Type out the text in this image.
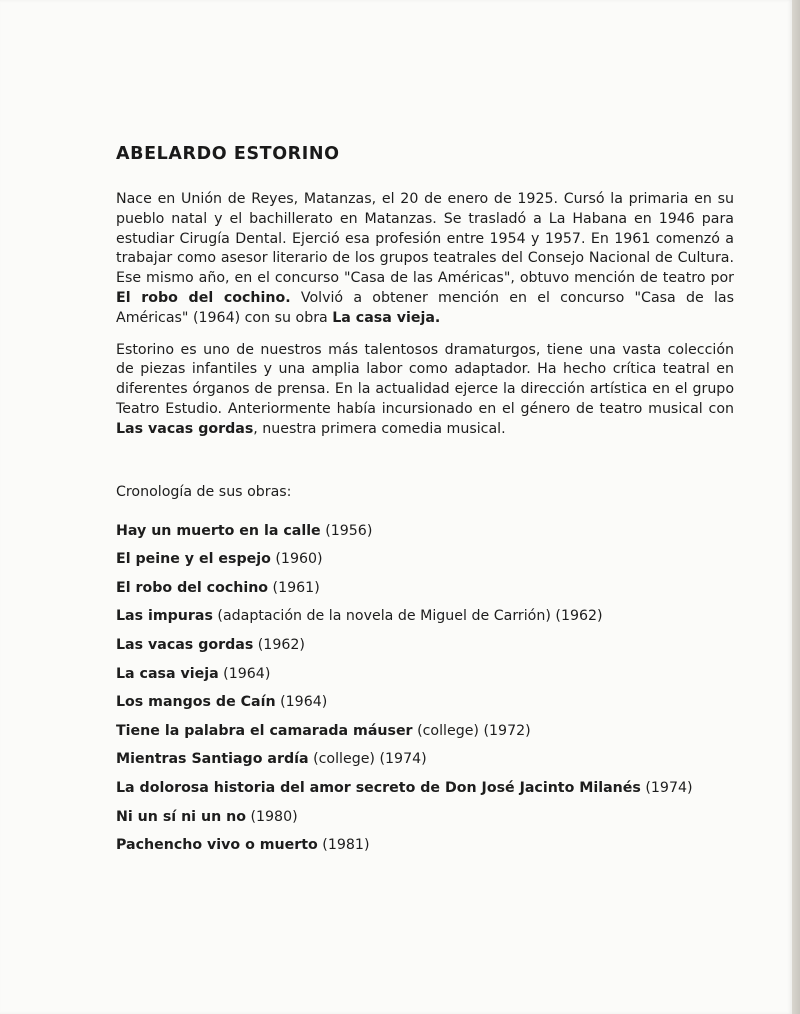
ABELARDO ESTORINO

Nace en Unión de Reyes, Matanzas, el 20 de enero de 1925. Cursó la primaria en su pueblo natal y el bachillerato en Matanzas. Se trasladó a La Habana en 1946 para estudiar Cirugía Dental. Ejerció esa profesión entre 1954 y 1957. En 1961 comenzó a trabajar como asesor literario de los grupos teatrales del Consejo Nacional de Cultura. Ese mismo año, en el concurso "Casa de las Américas", obtuvo mención de teatro por El robo del cochino. Volvió a obtener mención en el concurso "Casa de las Américas" (1964) con su obra La casa vieja.

Estorino es uno de nuestros más talentosos dramaturgos, tiene una vasta colección de piezas infantiles y una amplia labor como adaptador. Ha hecho crítica teatral en diferentes órganos de prensa. En la actualidad ejerce la dirección artística en el grupo Teatro Estudio. Anteriormente había incursionado en el género de teatro musical con Las vacas gordas, nuestra primera comedia musical.

Cronología de sus obras:
Hay un muerto en la calle (1956)
El peine y el espejo (1960)
El robo del cochino (1961)
Las impuras (adaptación de la novela de Miguel de Carrión) (1962)
Las vacas gordas (1962)
La casa vieja (1964)
Los mangos de Caín (1964)
Tiene la palabra el camarada máuser (college) (1972)
Mientras Santiago ardía (college) (1974)
La dolorosa historia del amor secreto de Don José Jacinto Milanés (1974)
Ni un sí ni un no (1980)
Pachencho vivo o muerto (1981)
